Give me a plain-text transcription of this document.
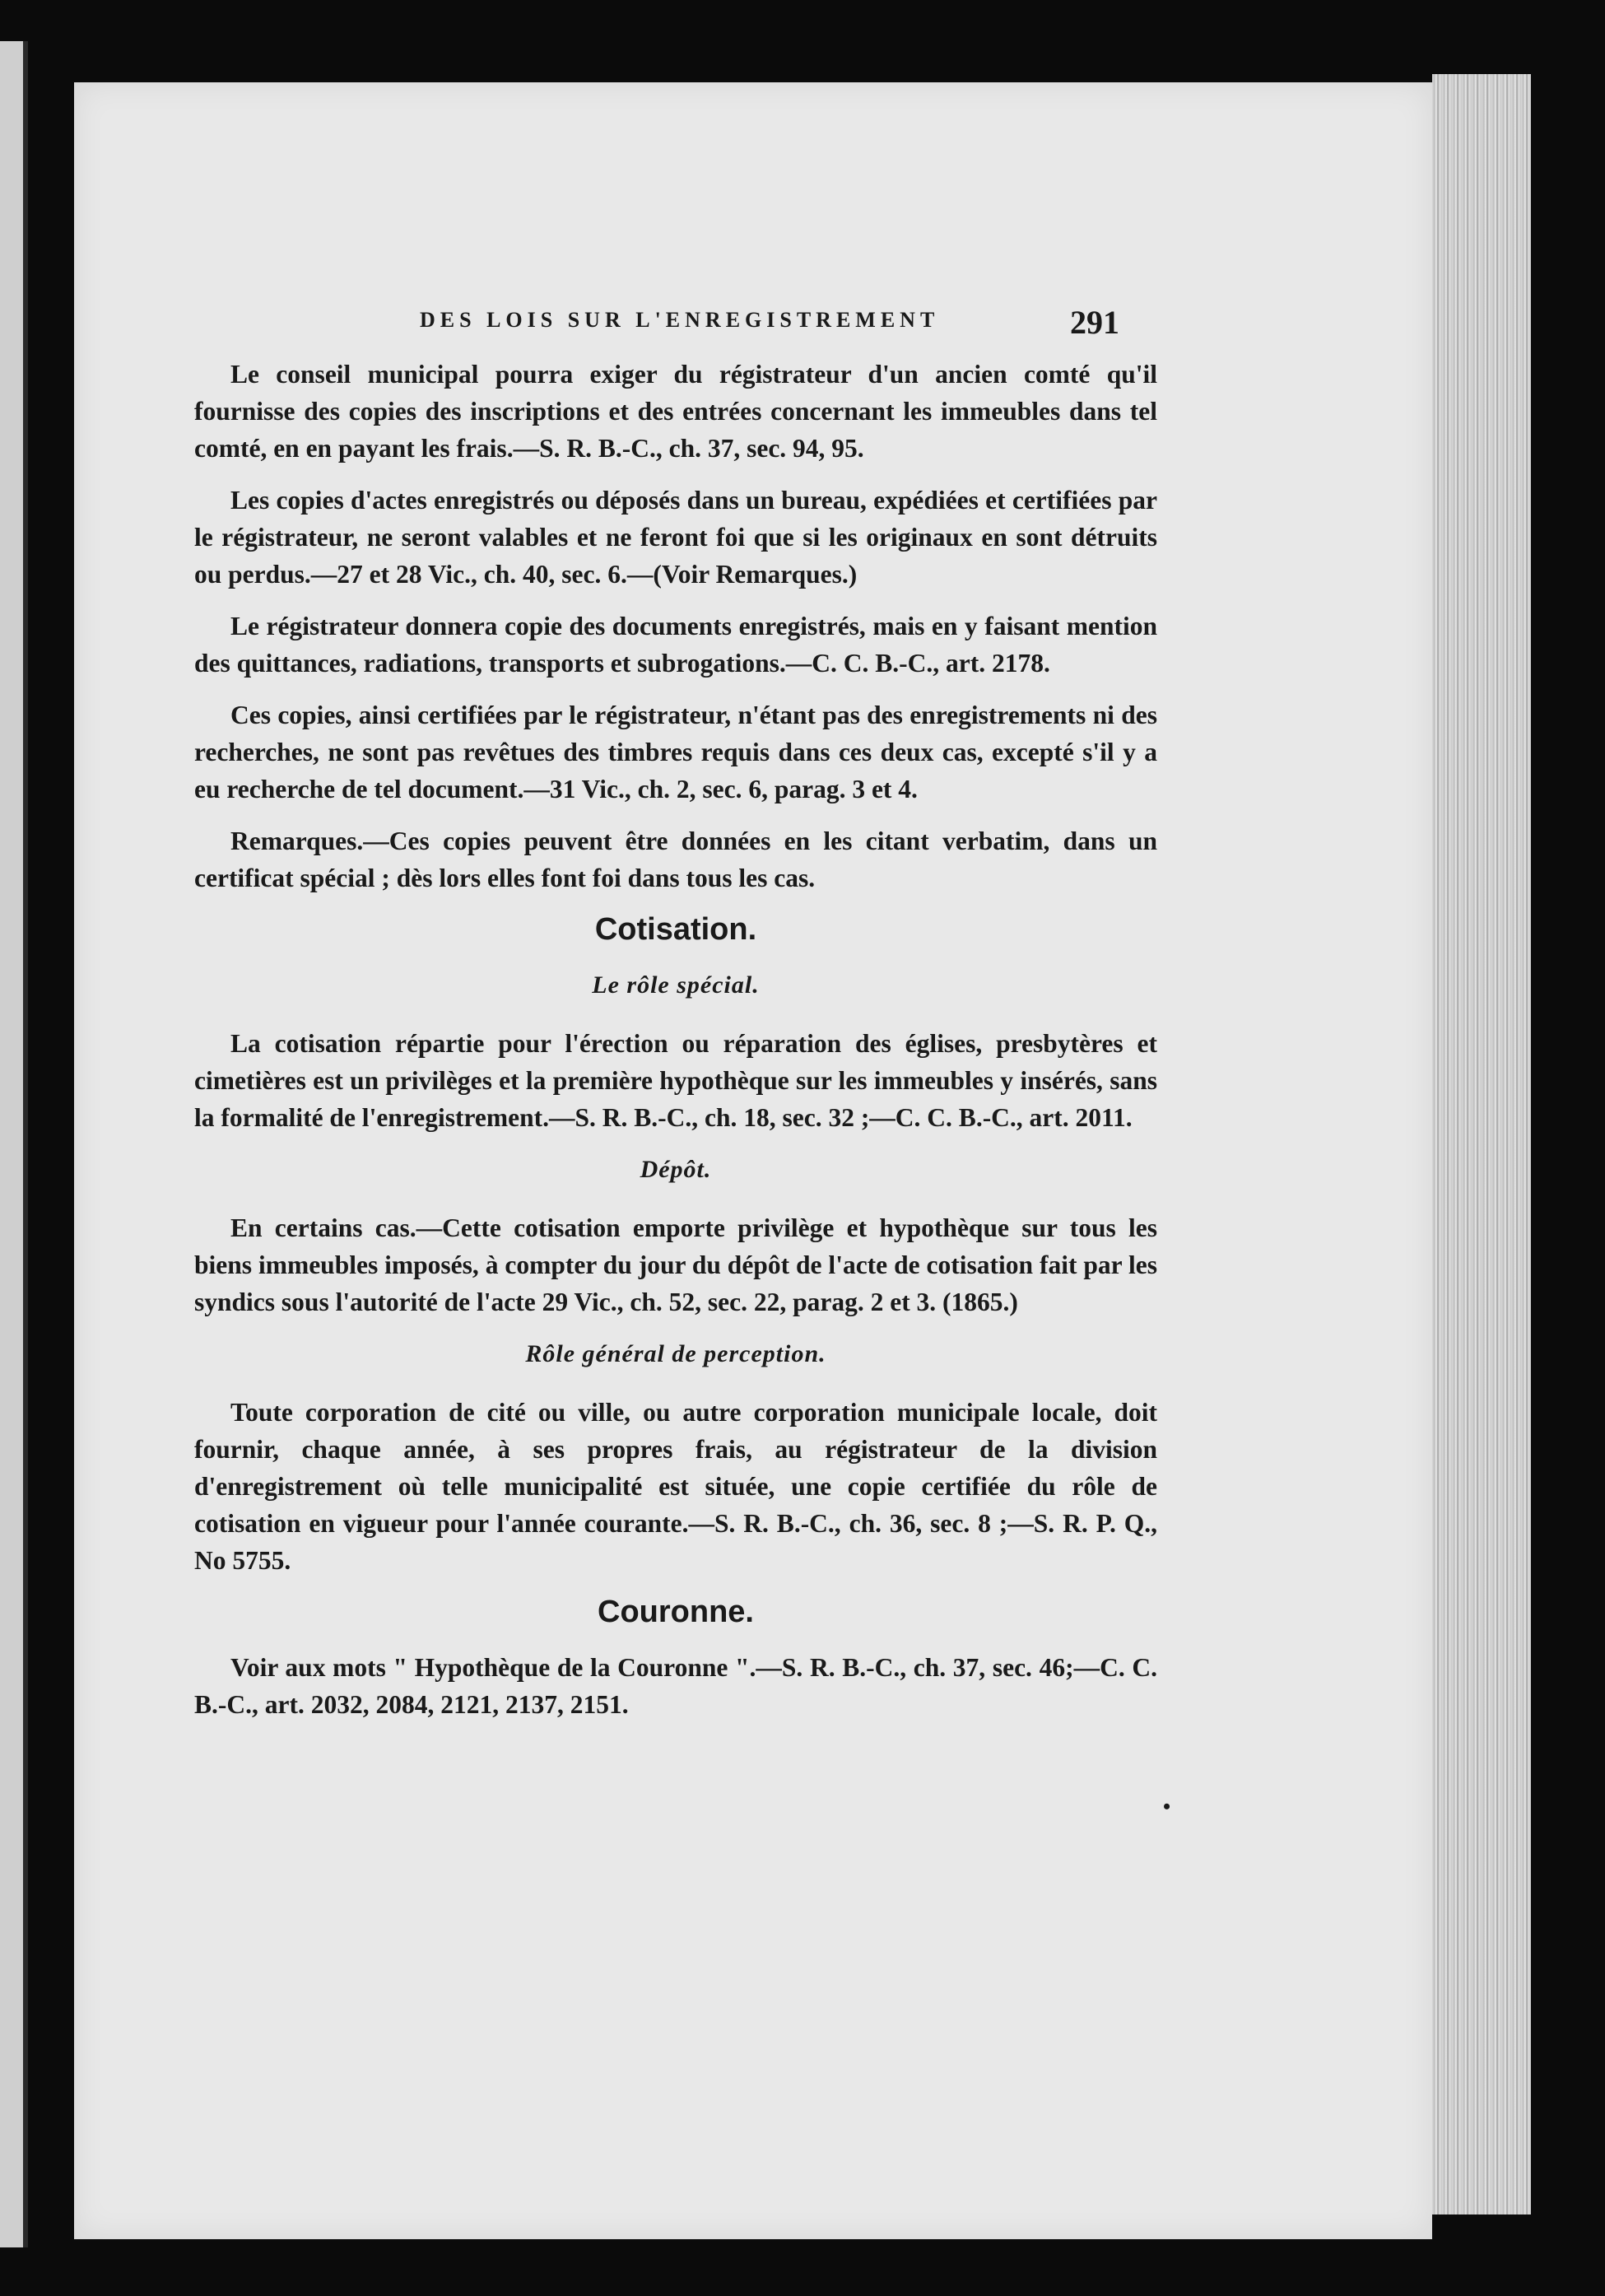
DES LOIS SUR L'ENREGISTREMENT	291

Le conseil municipal pourra exiger du régistrateur d'un ancien comté qu'il fournisse des copies des inscriptions et des entrées concernant les immeubles dans tel comté, en en payant les frais.—S. R. B.-C., ch. 37, sec. 94, 95.

Les copies d'actes enregistrés ou déposés dans un bureau, expédiées et certifiées par le régistrateur, ne seront valables et ne feront foi que si les originaux en sont détruits ou perdus.—27 et 28 Vic., ch. 40, sec. 6.—(Voir Remarques.)

Le régistrateur donnera copie des documents enregistrés, mais en y faisant mention des quittances, radiations, transports et subrogations.—C. C. B.-C., art. 2178.

Ces copies, ainsi certifiées par le régistrateur, n'étant pas des enregistrements ni des recherches, ne sont pas revêtues des timbres requis dans ces deux cas, excepté s'il y a eu recherche de tel document.—31 Vic., ch. 2, sec. 6, parag. 3 et 4.

Remarques.—Ces copies peuvent être données en les citant verbatim, dans un certificat spécial ; dès lors elles font foi dans tous les cas.

Cotisation.
Le rôle spécial.

La cotisation répartie pour l'érection ou réparation des églises, presbytères et cimetières est un privilèges et la première hypothèque sur les immeubles y insérés, sans la formalité de l'enregistrement.—S. R. B.-C., ch. 18, sec. 32 ;—C. C. B.-C., art. 2011.

Dépôt.

En certains cas.—Cette cotisation emporte privilège et hypothèque sur tous les biens immeubles imposés, à compter du jour du dépôt de l'acte de cotisation fait par les syndics sous l'autorité de l'acte 29 Vic., ch. 52, sec. 22, parag. 2 et 3. (1865.)

Rôle général de perception.

Toute corporation de cité ou ville, ou autre corporation municipale locale, doit fournir, chaque année, à ses propres frais, au régistrateur de la division d'enregistrement où telle municipalité est située, une copie certifiée du rôle de cotisation en vigueur pour l'année courante.—S. R. B.-C., ch. 36, sec. 8 ;—S. R. P. Q., No 5755.

Couronne.

Voir aux mots " Hypothèque de la Couronne ".—S. R. B.-C., ch. 37, sec. 46;—C. C. B.-C., art. 2032, 2084, 2121, 2137, 2151.

•
